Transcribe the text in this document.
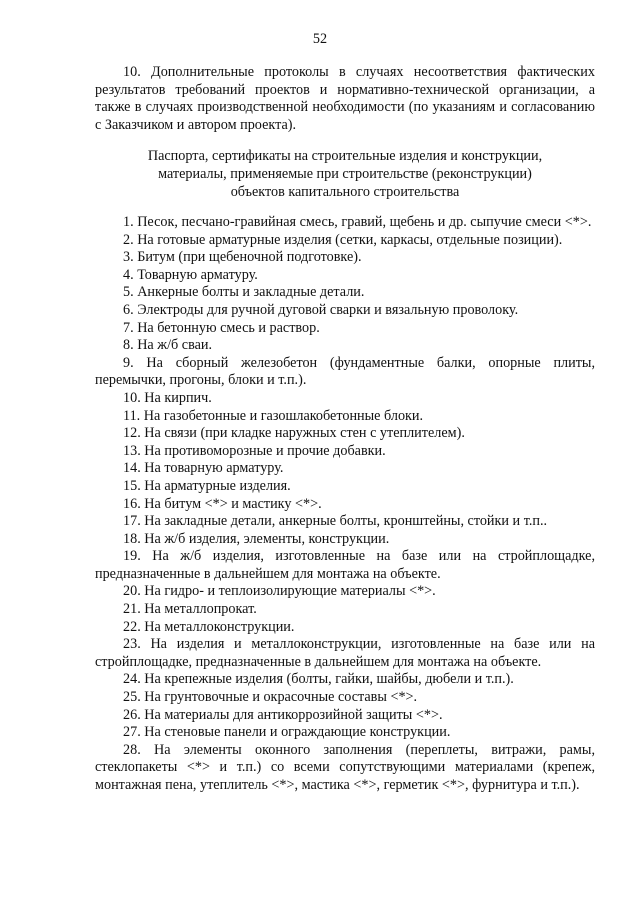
52

10. Дополнительные протоколы в случаях несоответствия фактических результатов требований проектов и нормативно-технической организации, а также в случаях производственной необходимости (по указаниям и согласованию с Заказчиком и автором проекта).

Паспорта, сертификаты на строительные изделия и конструкции,
материалы, применяемые при строительстве (реконструкции)
объектов капитального строительства

1. Песок, песчано-гравийная смесь, гравий, щебень и др. сыпучие смеси <*>.

2. На готовые арматурные изделия (сетки, каркасы, отдельные позиции).

3. Битум (при щебеночной подготовке).

4. Товарную арматуру.

5. Анкерные болты и закладные детали.

6. Электроды для ручной дуговой сварки и вязальную проволоку.

7. На бетонную смесь и раствор.

8. На ж/б сваи.

9. На сборный железобетон (фундаментные балки, опорные плиты, перемычки, прогоны, блоки и т.п.).

10. На кирпич.

11. На газобетонные и газошлакобетонные блоки.

12. На связи (при кладке наружных стен с утеплителем).

13. На противоморозные и прочие добавки.

14. На товарную арматуру.

15. На арматурные изделия.

16. На битум <*> и мастику <*>.

17. На закладные детали, анкерные болты, кронштейны, стойки и т.п..

18. На ж/б изделия, элементы, конструкции.

19. На ж/б изделия, изготовленные на базе или на стройплощадке, предназначенные в дальнейшем для монтажа на объекте.

20. На гидро- и теплоизолирующие материалы <*>.

21. На металлопрокат.

22. На металлоконструкции.

23. На изделия и металлоконструкции, изготовленные на базе или на стройплощадке, предназначенные в дальнейшем для монтажа на объекте.

24. На крепежные изделия (болты, гайки, шайбы, дюбели и т.п.).

25. На грунтовочные и окрасочные составы <*>.

26. На материалы для антикоррозийной защиты <*>.

27. На стеновые панели и ограждающие конструкции.

28. На элементы оконного заполнения (переплеты, витражи, рамы, стеклопакеты <*> и т.п.) со всеми сопутствующими материалами (крепеж, монтажная пена, утеплитель <*>, мастика <*>, герметик <*>, фурнитура и т.п.).
